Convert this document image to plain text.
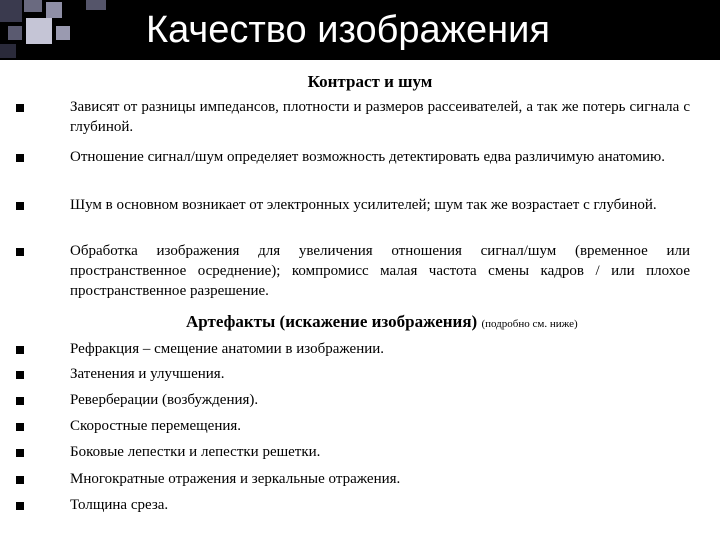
Качество изображения
Контраст и шум
Зависят от разницы импедансов, плотности и размеров рассеивателей, а так же потерь сигнала с глубиной.
Отношение сигнал/шум определяет возможность детектировать едва различимую анатомию.
Шум в основном возникает от электронных усилителей; шум так же возрастает с глубиной.
Обработка изображения для увеличения отношения сигнал/шум (временное или пространственное осреднение); компромисс малая частота смены кадров / или плохое пространственное разрешение.
Артефакты (искажение изображения) (подробно см. ниже)
Рефракция – смещение анатомии в изображении.
Затенения и улучшения.
Реверберации (возбуждения).
Скоростные перемещения.
Боковые лепестки и лепестки решетки.
Многократные отражения и зеркальные отражения.
Толщина среза.
